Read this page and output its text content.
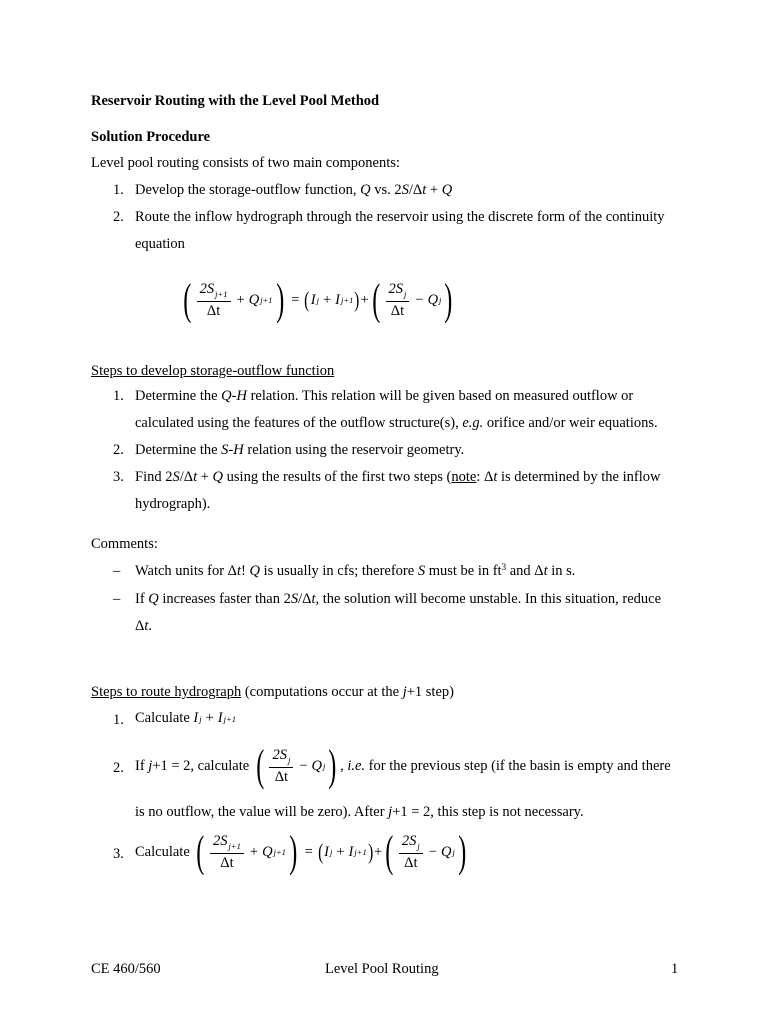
Reservoir Routing with the Level Pool Method
Solution Procedure
Level pool routing consists of two main components:
1. Develop the storage-outflow function, Q vs. 2S/Δt + Q
2. Route the inflow hydrograph through the reservoir using the discrete form of the continuity
equation
( $\frac{2S_{j+1}}{\Delta t} + Q$ j+1 ) = ( I j + I j+1 ) + ( $\frac{2S_j}{\Delta t} - Q$ j )
Steps to develop storage-outflow function
1. Determine the Q-H relation. This relation will be given based on measured outflow or
calculated using the features of the outflow structure(s), e.g. orifice and/or weir equations.
2. Determine the S-H relation using the reservoir geometry.
3. Find 2S/Δt + Q using the results of the first two steps (note: Δt is determined by the inflow
hydrograph).
Comments:
– Watch units for Δt! Q is usually in cfs; therefore S must be in $ft^3$ and Δt in s.
– If Q increases faster than 2S/Δt, the solution will become unstable. In this situation, reduce
Δt.
Steps to route hydrograph (computations occur at the j+1 step)
1. Calculate
I j + I j+1
2. If
j +1 = 2, calculate
( $\frac{2S_j}{\Delta t} - Q$ j ) ,
i.e.
for the previous step (if the basin is empty and there
is no outflow, the value will be zero). After j+1 = 2, this step is not necessary.
3. Calculate
( $\frac{2S_{j+1}}{\Delta t} + Q$ j+1 ) = ( I j + I j+1 ) + ( $\frac{2S_j}{\Delta t} - Q$ j )
CE 460/560	Level Pool Routing	1
